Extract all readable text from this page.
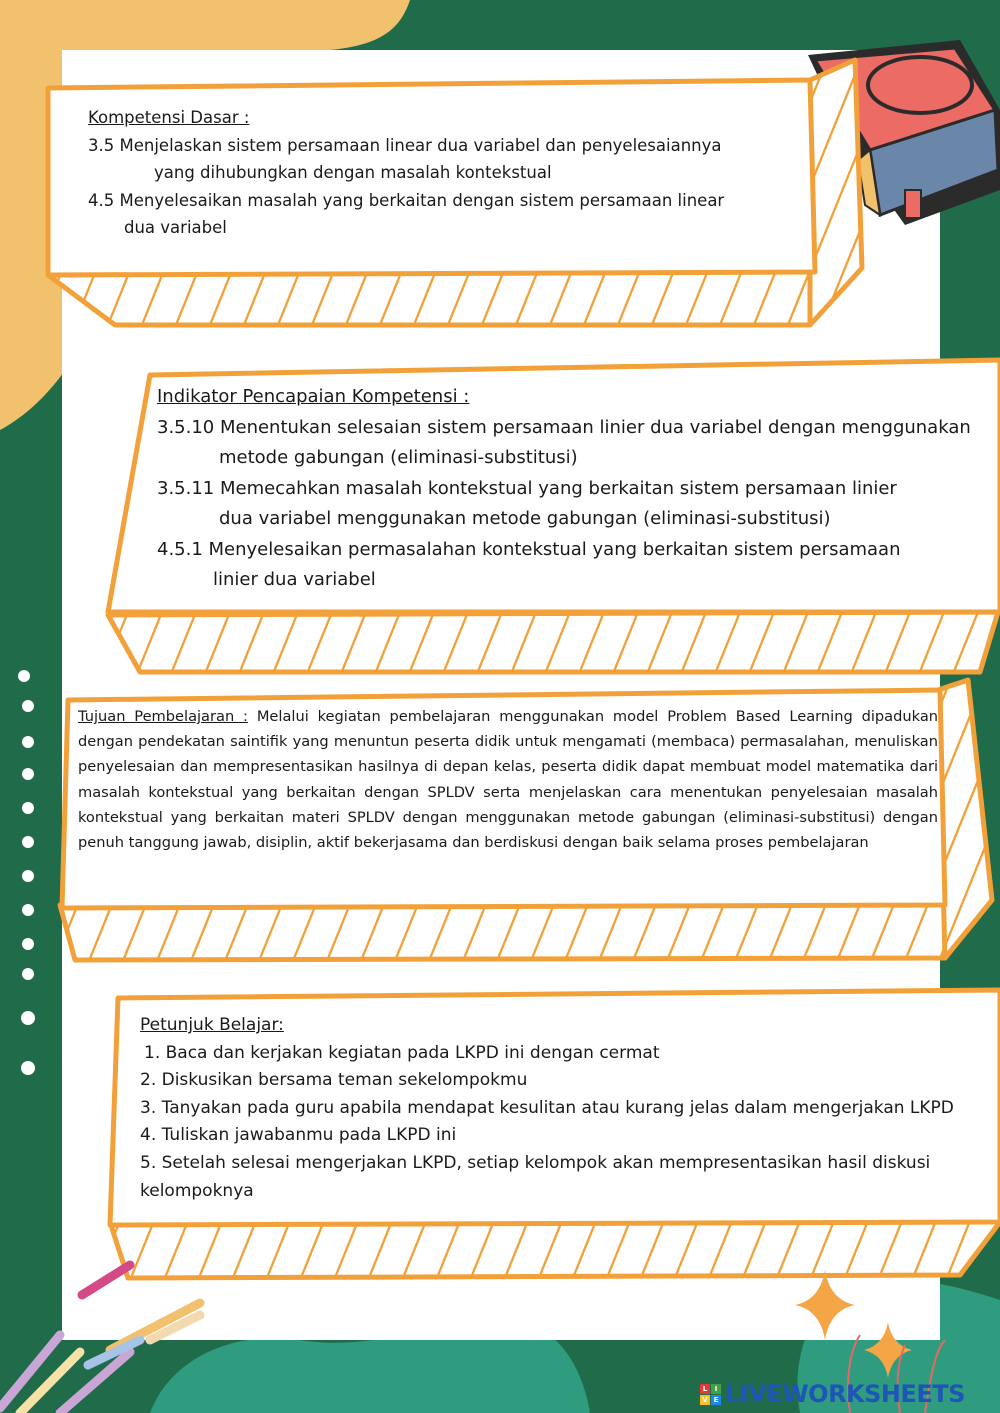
Kompetensi Dasar :

3.5 Menjelaskan sistem persamaan linear dua variabel dan penyelesaiannya

yang dihubungkan dengan masalah kontekstual

4.5 Menyelesaikan masalah yang berkaitan dengan sistem persamaan linear

dua variabel

Indikator Pencapaian Kompetensi :

3.5.10 Menentukan selesaian sistem persamaan linier dua variabel dengan menggunakan

metode gabungan (eliminasi-substitusi)

3.5.11 Memecahkan masalah kontekstual yang berkaitan sistem persamaan linier

dua variabel menggunakan metode gabungan (eliminasi-substitusi)

4.5.1 Menyelesaikan permasalahan kontekstual yang berkaitan sistem persamaan

linier dua variabel

Tujuan Pembelajaran : Melalui kegiatan pembelajaran menggunakan model Problem Based Learning dipadukan dengan pendekatan saintifik yang menuntun peserta didik untuk mengamati (membaca) permasalahan, menuliskan penyelesaian dan mempresentasikan hasilnya di depan kelas, peserta didik dapat membuat model matematika dari masalah kontekstual yang berkaitan dengan SPLDV serta menjelaskan cara menentukan penyelesaian masalah kontekstual yang berkaitan materi SPLDV dengan menggunakan metode gabungan (eliminasi-substitusi) dengan penuh tanggung jawab, disiplin, aktif bekerjasama dan berdiskusi dengan baik selama proses pembelajaran

Petunjuk Belajar:

1. Baca dan kerjakan kegiatan pada LKPD ini dengan cermat

2. Diskusikan bersama teman sekelompokmu

3. Tanyakan pada guru apabila mendapat kesulitan atau kurang jelas dalam mengerjakan LKPD

4. Tuliskan jawabanmu pada LKPD ini

5. Setelah selesai mengerjakan LKPD, setiap kelompok akan mempresentasikan hasil diskusi

kelompoknya

L	I
V E LIVEWORKSHEETS
